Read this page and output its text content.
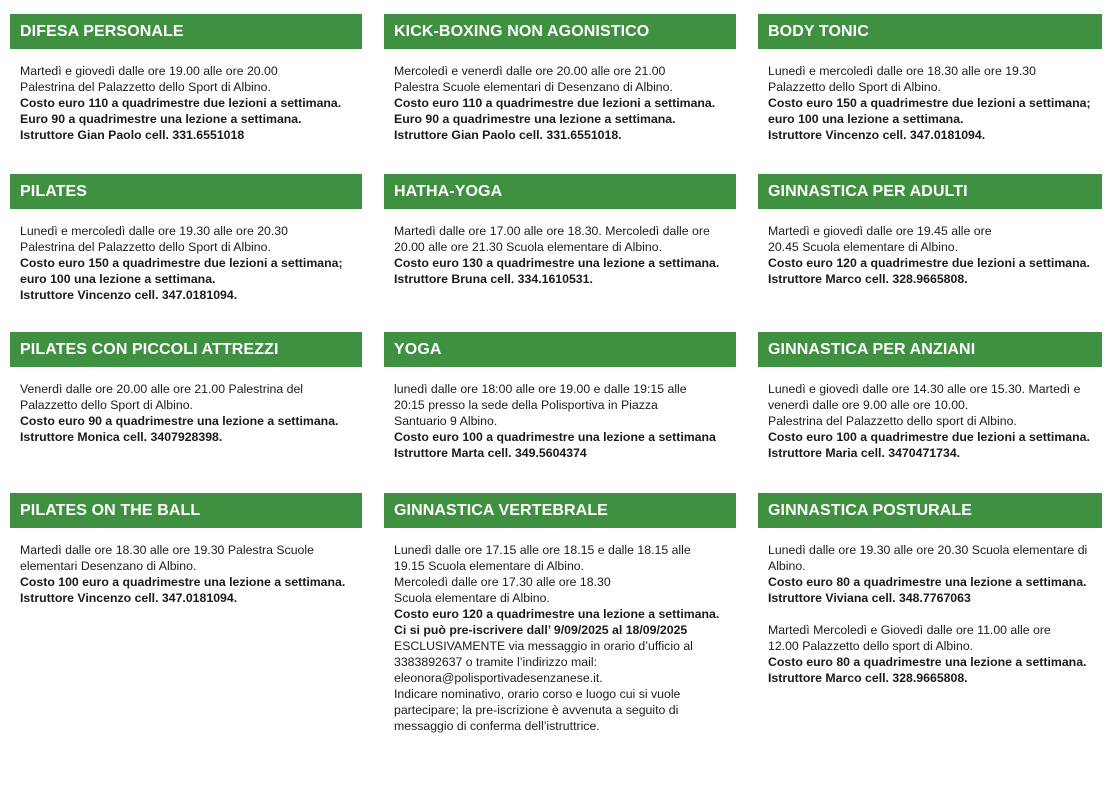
DIFESA PERSONALE
Martedì e giovedì dalle ore 19.00 alle ore 20.00
Palestrina del Palazzetto dello Sport di Albino.
Costo euro 110 a quadrimestre due lezioni a settimana.
Euro 90 a quadrimestre una lezione a settimana.
Istruttore Gian Paolo cell. 331.6551018
KICK-BOXING NON AGONISTICO
Mercoledì e venerdì dalle ore 20.00 alle ore 21.00
Palestra Scuole elementari di Desenzano di Albino.
Costo euro 110 a quadrimestre due lezioni a settimana.
Euro 90 a quadrimestre una lezione a settimana.
Istruttore Gian Paolo cell. 331.6551018.
BODY TONIC
Lunedì e mercoledì dalle ore 18.30 alle ore 19.30
Palazzetto dello Sport di Albino.
Costo euro 150 a quadrimestre due lezioni a settimana;
euro 100 una lezione a settimana.
Istruttore Vincenzo cell. 347.0181094.
PILATES
Lunedì e mercoledì dalle ore 19.30 alle ore 20.30
Palestrina del Palazzetto dello Sport di Albino.
Costo euro 150 a quadrimestre due lezioni a settimana;
euro 100 una lezione a settimana.
Istruttore Vincenzo cell. 347.0181094.
HATHA-YOGA
Martedì dalle ore 17.00 alle ore 18.30. Mercoledì dalle ore
20.00 alle ore 21.30 Scuola elementare di Albino.
Costo euro 130 a quadrimestre una lezione a settimana.
Istruttore Bruna cell. 334.1610531.
GINNASTICA PER ADULTI
Martedì e giovedì dalle ore 19.45 alle ore
20.45 Scuola elementare di Albino.
Costo euro 120 a quadrimestre due lezioni a settimana.
Istruttore Marco cell. 328.9665808.
PILATES CON PICCOLI ATTREZZI
Venerdì dalle ore 20.00 alle ore 21.00 Palestrina del
Palazzetto dello Sport di Albino.
Costo euro 90 a quadrimestre una lezione a settimana.
Istruttore Monica cell. 3407928398.
YOGA
lunedì dalle ore 18:00 alle ore 19.00 e dalle 19:15 alle
20:15 presso la sede della Polisportiva in Piazza
Santuario 9 Albino.
Costo euro 100 a quadrimestre una lezione a settimana
Istruttore Marta cell. 349.5604374
GINNASTICA PER ANZIANI
Lunedì e giovedì dalle ore 14.30 alle ore 15.30. Martedì e
venerdì dalle ore 9.00 alle ore 10.00.
Palestrina del Palazzetto dello sport di Albino.
Costo euro 100 a quadrimestre due lezioni a settimana.
Istruttore Maria cell. 3470471734.
PILATES ON THE BALL
Martedì dalle ore 18.30 alle ore 19.30 Palestra Scuole
elementari Desenzano di Albino.
Costo 100 euro a quadrimestre una lezione a settimana.
Istruttore Vincenzo cell. 347.0181094.
GINNASTICA VERTEBRALE
Lunedì dalle ore 17.15 alle ore 18.15 e dalle 18.15 alle
19.15 Scuola elementare di Albino.
Mercoledì dalle ore 17.30 alle ore 18.30
Scuola elementare di Albino.
Costo euro 120 a quadrimestre una lezione a settimana.
Ci si può pre-iscrivere dall’ 9/09/2025 al 18/09/2025
ESCLUSIVAMENTE via messaggio in orario d’ufficio al
3383892637 o tramite l’indirizzo mail:
eleonora@polisportivadesenzanese.it.
Indicare nominativo, orario corso e luogo cui si vuole
partecipare; la pre-iscrizione è avvenuta a seguito di
messaggio di conferma dell’istruttrice.
GINNASTICA POSTURALE
Lunedì dalle ore 19.30 alle ore 20.30 Scuola elementare di
Albino.
Costo euro 80 a quadrimestre una lezione a settimana.
Istruttore Viviana cell. 348.7767063
Martedì Mercoledì e Giovedì dalle ore 11.00 alle ore
12.00 Palazzetto dello sport di Albino.
Costo euro 80 a quadrimestre una lezione a settimana.
Istruttore Marco cell. 328.9665808.
